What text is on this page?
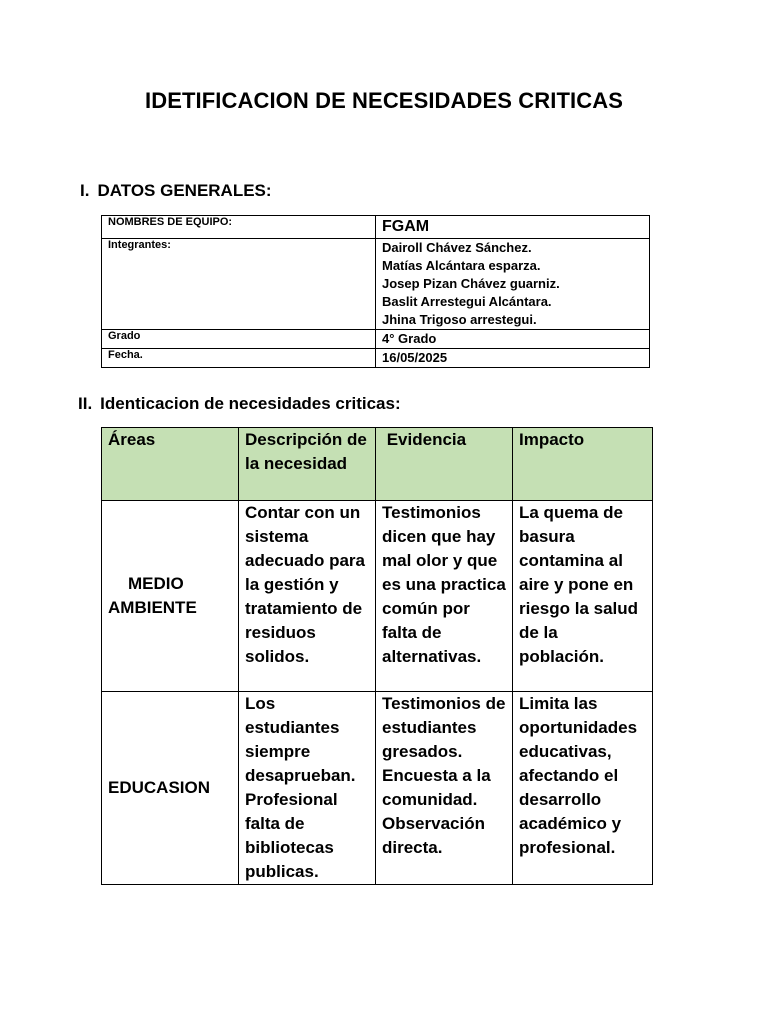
IDETIFICACION DE NECESIDADES CRITICAS
I. DATOS GENERALES:
NOMBRES DE EQUIPO:	FGAM
Integrantes:	Dairoll Chávez Sánchez.
Matías Alcántara esparza.
Josep Pizan Chávez guarniz.
Baslit Arrestegui Alcántara.
Jhina Trigoso arrestegui.

Grado	4° Grado
Fecha.	16/05/2025
II. Identicacion de necesidades criticas:
Áreas	Descripción de la necesidad	Evidencia	Impacto

MEDIO
AMBIENTE	Contar con un sistema adecuado para la gestión y tratamiento de residuos solidos.	Testimonios dicen que hay mal olor y que es una practica común por falta de alternativas.	La quema de basura contamina al aire y pone en riesgo la salud de la población.
EDUCASION	Los estudiantes siempre desaprueban. Profesional falta de bibliotecas publicas.	Testimonios de estudiantes gresados. Encuesta a la comunidad. Observación directa.	Limita las oportunidades educativas, afectando el desarrollo académico y profesional.
